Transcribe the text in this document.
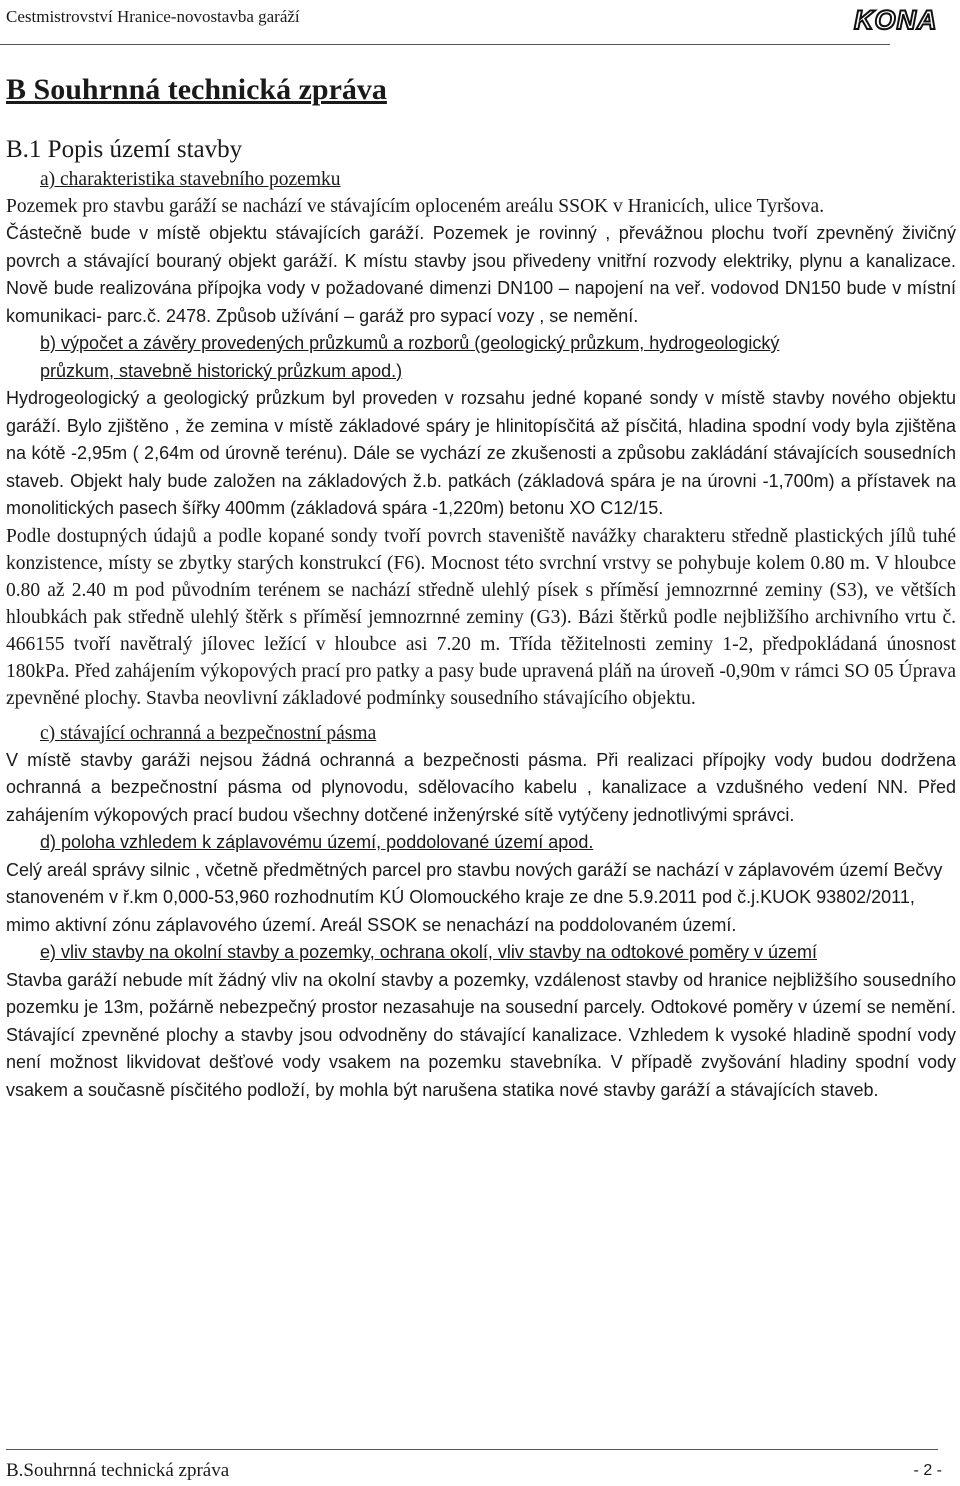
Cestmistrovství Hranice-novostavba garáží	KONA
B Souhrnná technická zpráva
B.1 Popis území stavby
a) charakteristika stavebního pozemku
Pozemek pro stavbu garáží se nachází ve stávajícím oploceném areálu SSOK v Hranicích, ulice Tyršova.
Částečně bude v místě objektu stávajících garáží. Pozemek je rovinný , převážnou plochu tvoří zpevněný živičný povrch a stávající bouraný objekt garáží. K místu stavby jsou přivedeny vnitřní rozvody elektriky, plynu a kanalizace. Nově bude realizována přípojka vody v požadované dimenzi DN100 – napojení na veř. vodovod DN150 bude v místní komunikaci- parc.č. 2478. Způsob užívání – garáž pro sypací vozy , se nemění.
b) výpočet a závěry provedených průzkumů a rozborů (geologický průzkum, hydrogeologický průzkum, stavebně historický průzkum apod.)
Hydrogeologický a geologický průzkum byl proveden v rozsahu jedné kopané sondy v místě stavby nového objektu garáží. Bylo zjištěno , že zemina v místě základové spáry je hlinitopísčitá až písčitá, hladina spodní vody byla zjištěna na kótě -2,95m ( 2,64m od úrovně terénu). Dále se vychází ze zkušenosti a způsobu zakládání stávajících sousedních staveb. Objekt haly bude založen na základových ž.b. patkách (základová spára je na úrovni -1,700m) a přístavek na monolitických pasech šířky 400mm (základová spára -1,220m) betonu XO C12/15.
Podle dostupných údajů a podle kopané sondy tvoří povrch staveniště navážky charakteru středně plastických jílů tuhé konzistence, místy se zbytky starých konstrukcí (F6). Mocnost této svrchní vrstvy se pohybuje kolem 0.80 m. V hloubce 0.80 až 2.40 m pod původním terénem se nachází středně ulehlý písek s příměsí jemnozrnné zeminy (S3), ve větších hloubkách pak středně ulehlý štěrk s příměsí jemnozrnné zeminy (G3). Bázi štěrků podle nejbližšího archivního vrtu č. 466155 tvoří navětralý jílovec ležící v hloubce asi 7.20 m. Třída těžitelnosti zeminy 1-2, předpokládaná únosnost 180kPa. Před zahájením výkopových prací pro patky a pasy bude upravená pláň na úroveň -0,90m v rámci SO 05 Úprava zpevněné plochy. Stavba neovlivní základové podmínky sousedního stávajícího objektu.
c) stávající ochranná a bezpečnostní pásma
V místě stavby garáži nejsou žádná ochranná a bezpečnosti pásma. Při realizaci přípojky vody budou dodržena ochranná a bezpečnostní pásma od plynovodu, sdělovacího kabelu , kanalizace a vzdušného vedení NN. Před zahájením výkopových prací budou všechny dotčené inženýrské sítě vytýčeny jednotlivými správci.
d) poloha vzhledem k záplavovému území, poddolované území apod.
Celý areál správy silnic , včetně předmětných parcel pro stavbu nových garáží se nachází v záplavovém území Bečvy stanoveném v ř.km 0,000-53,960 rozhodnutím KÚ Olomouckého kraje ze dne 5.9.2011 pod č.j.KUOK 93802/2011, mimo aktivní zónu záplavového území. Areál SSOK se nenachází na poddolovaném území.
e) vliv stavby na okolní stavby a pozemky, ochrana okolí, vliv stavby na odtokové poměry v území
Stavba garáží nebude mít žádný vliv na okolní stavby a pozemky, vzdálenost stavby od hranice nejbližšího sousedního pozemku je 13m, požárně nebezpečný prostor nezasahuje na sousední parcely. Odtokové poměry v území se nemění. Stávající zpevněné plochy a stavby jsou odvodněny do stávající kanalizace. Vzhledem k vysoké hladině spodní vody není možnost likvidovat dešťové vody vsakem na pozemku stavebníka. V případě zvyšování hladiny spodní vody vsakem a současně písčitého podloží, by mohla být narušena statika nové stavby garáží a stávajících staveb.
B.Souhrnná technická zpráva	- 2 -
